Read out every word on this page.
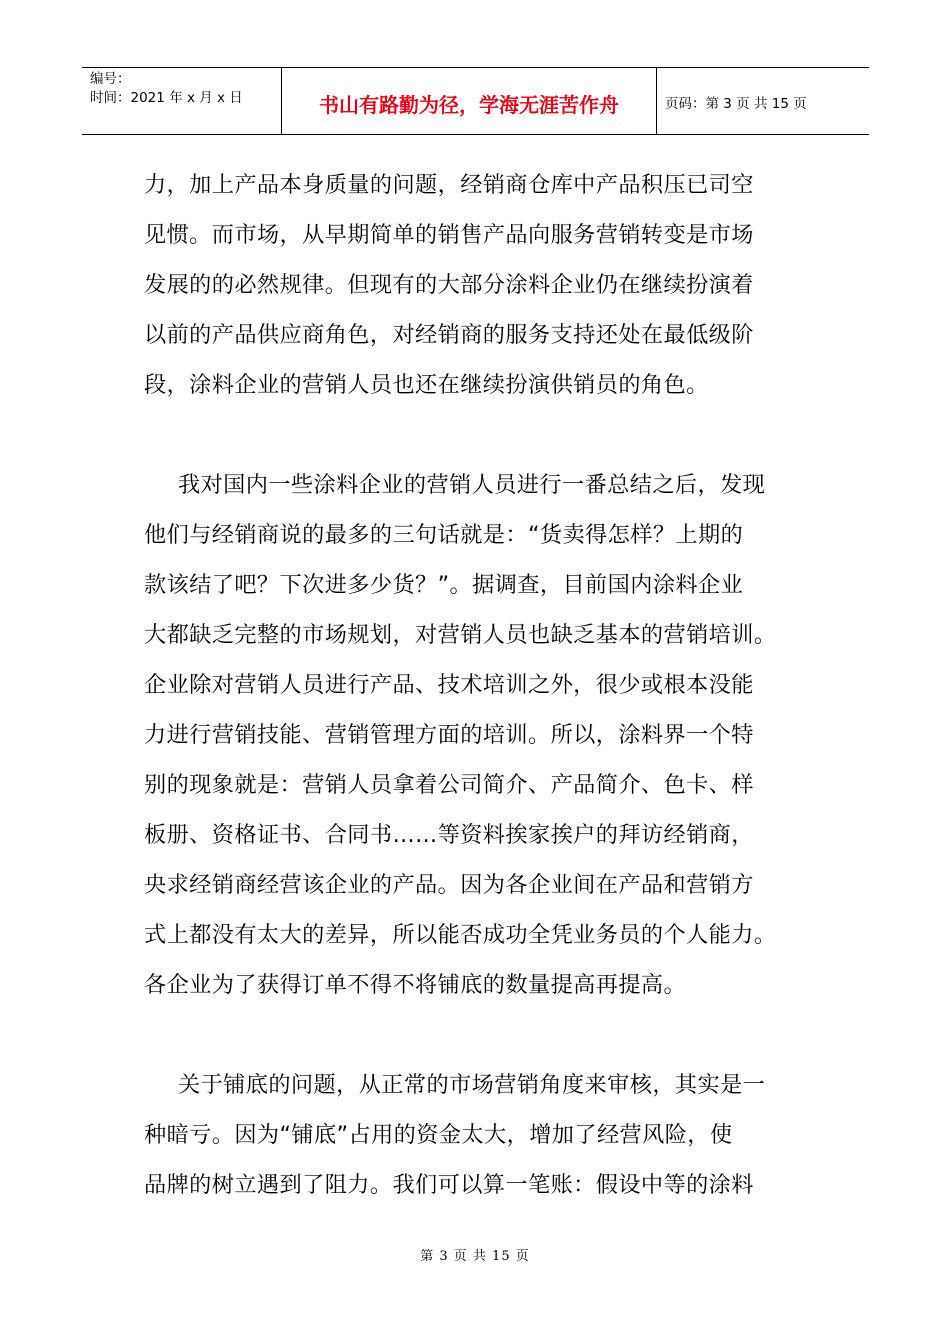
编号：
时间：2021 年 x 月 x 日	书山有路勤为径，学海无涯苦作舟	页码：第 3 页 共 15 页
力，加上产品本身质量的问题，经销商仓库中产品积压已司空
见惯。而市场，从早期简单的销售产品向服务营销转变是市场
发展的的必然规律。但现有的大部分涂料企业仍在继续扮演着
以前的产品供应商角色，对经销商的服务支持还处在最低级阶
段，涂料企业的营销人员也还在继续扮演供销员的角色。
我对国内一些涂料企业的营销人员进行一番总结之后，发现
他们与经销商说的最多的三句话就是：“货卖得怎样？上期的
款该结了吧？下次进多少货？”。据调查，目前国内涂料企业
大都缺乏完整的市场规划，对营销人员也缺乏基本的营销培训。
企业除对营销人员进行产品、技术培训之外，很少或根本没能
力进行营销技能、营销管理方面的培训。所以，涂料界一个特
别的现象就是：营销人员拿着公司简介、产品简介、色卡、样
板册、资格证书、合同书……等资料挨家挨户的拜访经销商，
央求经销商经营该企业的产品。因为各企业间在产品和营销方
式上都没有太大的差异，所以能否成功全凭业务员的个人能力。
各企业为了获得订单不得不将铺底的数量提高再提高。
关于铺底的问题，从正常的市场营销角度来审核，其实是一
种暗亏。因为“铺底”占用的资金太大，增加了经营风险，使
品牌的树立遇到了阻力。我们可以算一笔账：假设中等的涂料
第 3 页 共 15 页
